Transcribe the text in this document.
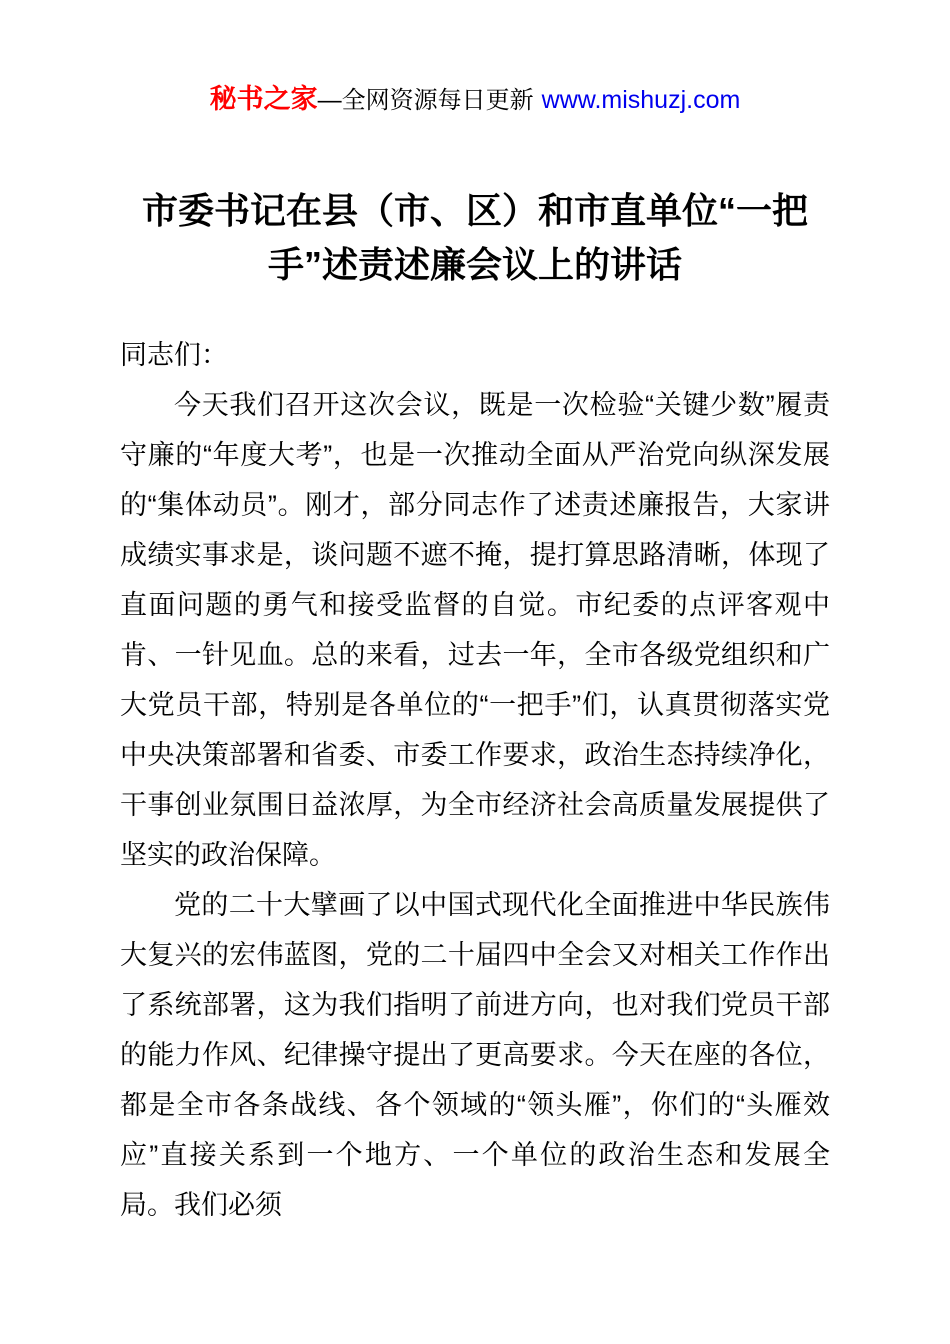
秘书之家—全网资源每日更新 www.mishuzj.com
市委书记在县（市、区）和市直单位“一把手”述责述廉会议上的讲话

同志们：

今天我们召开这次会议，既是一次检验“关键少数”履责守廉的“年度大考”，也是一次推动全面从严治党向纵深发展的“集体动员”。刚才，部分同志作了述责述廉报告，大家讲成绩实事求是，谈问题不遮不掩，提打算思路清晰，体现了直面问题的勇气和接受监督的自觉。市纪委的点评客观中肯、一针见血。总的来看，过去一年，全市各级党组织和广大党员干部，特别是各单位的“一把手”们，认真贯彻落实党中央决策部署和省委、市委工作要求，政治生态持续净化，干事创业氛围日益浓厚，为全市经济社会高质量发展提供了坚实的政治保障。

党的二十大擘画了以中国式现代化全面推进中华民族伟大复兴的宏伟蓝图，党的二十届四中全会又对相关工作作出了系统部署，这为我们指明了前进方向，也对我们党员干部的能力作风、纪律操守提出了更高要求。今天在座的各位，都是全市各条战线、各个领域的“领头雁”，你们的“头雁效应”直接关系到一个地方、一个单位的政治生态和发展全局。我们必须
